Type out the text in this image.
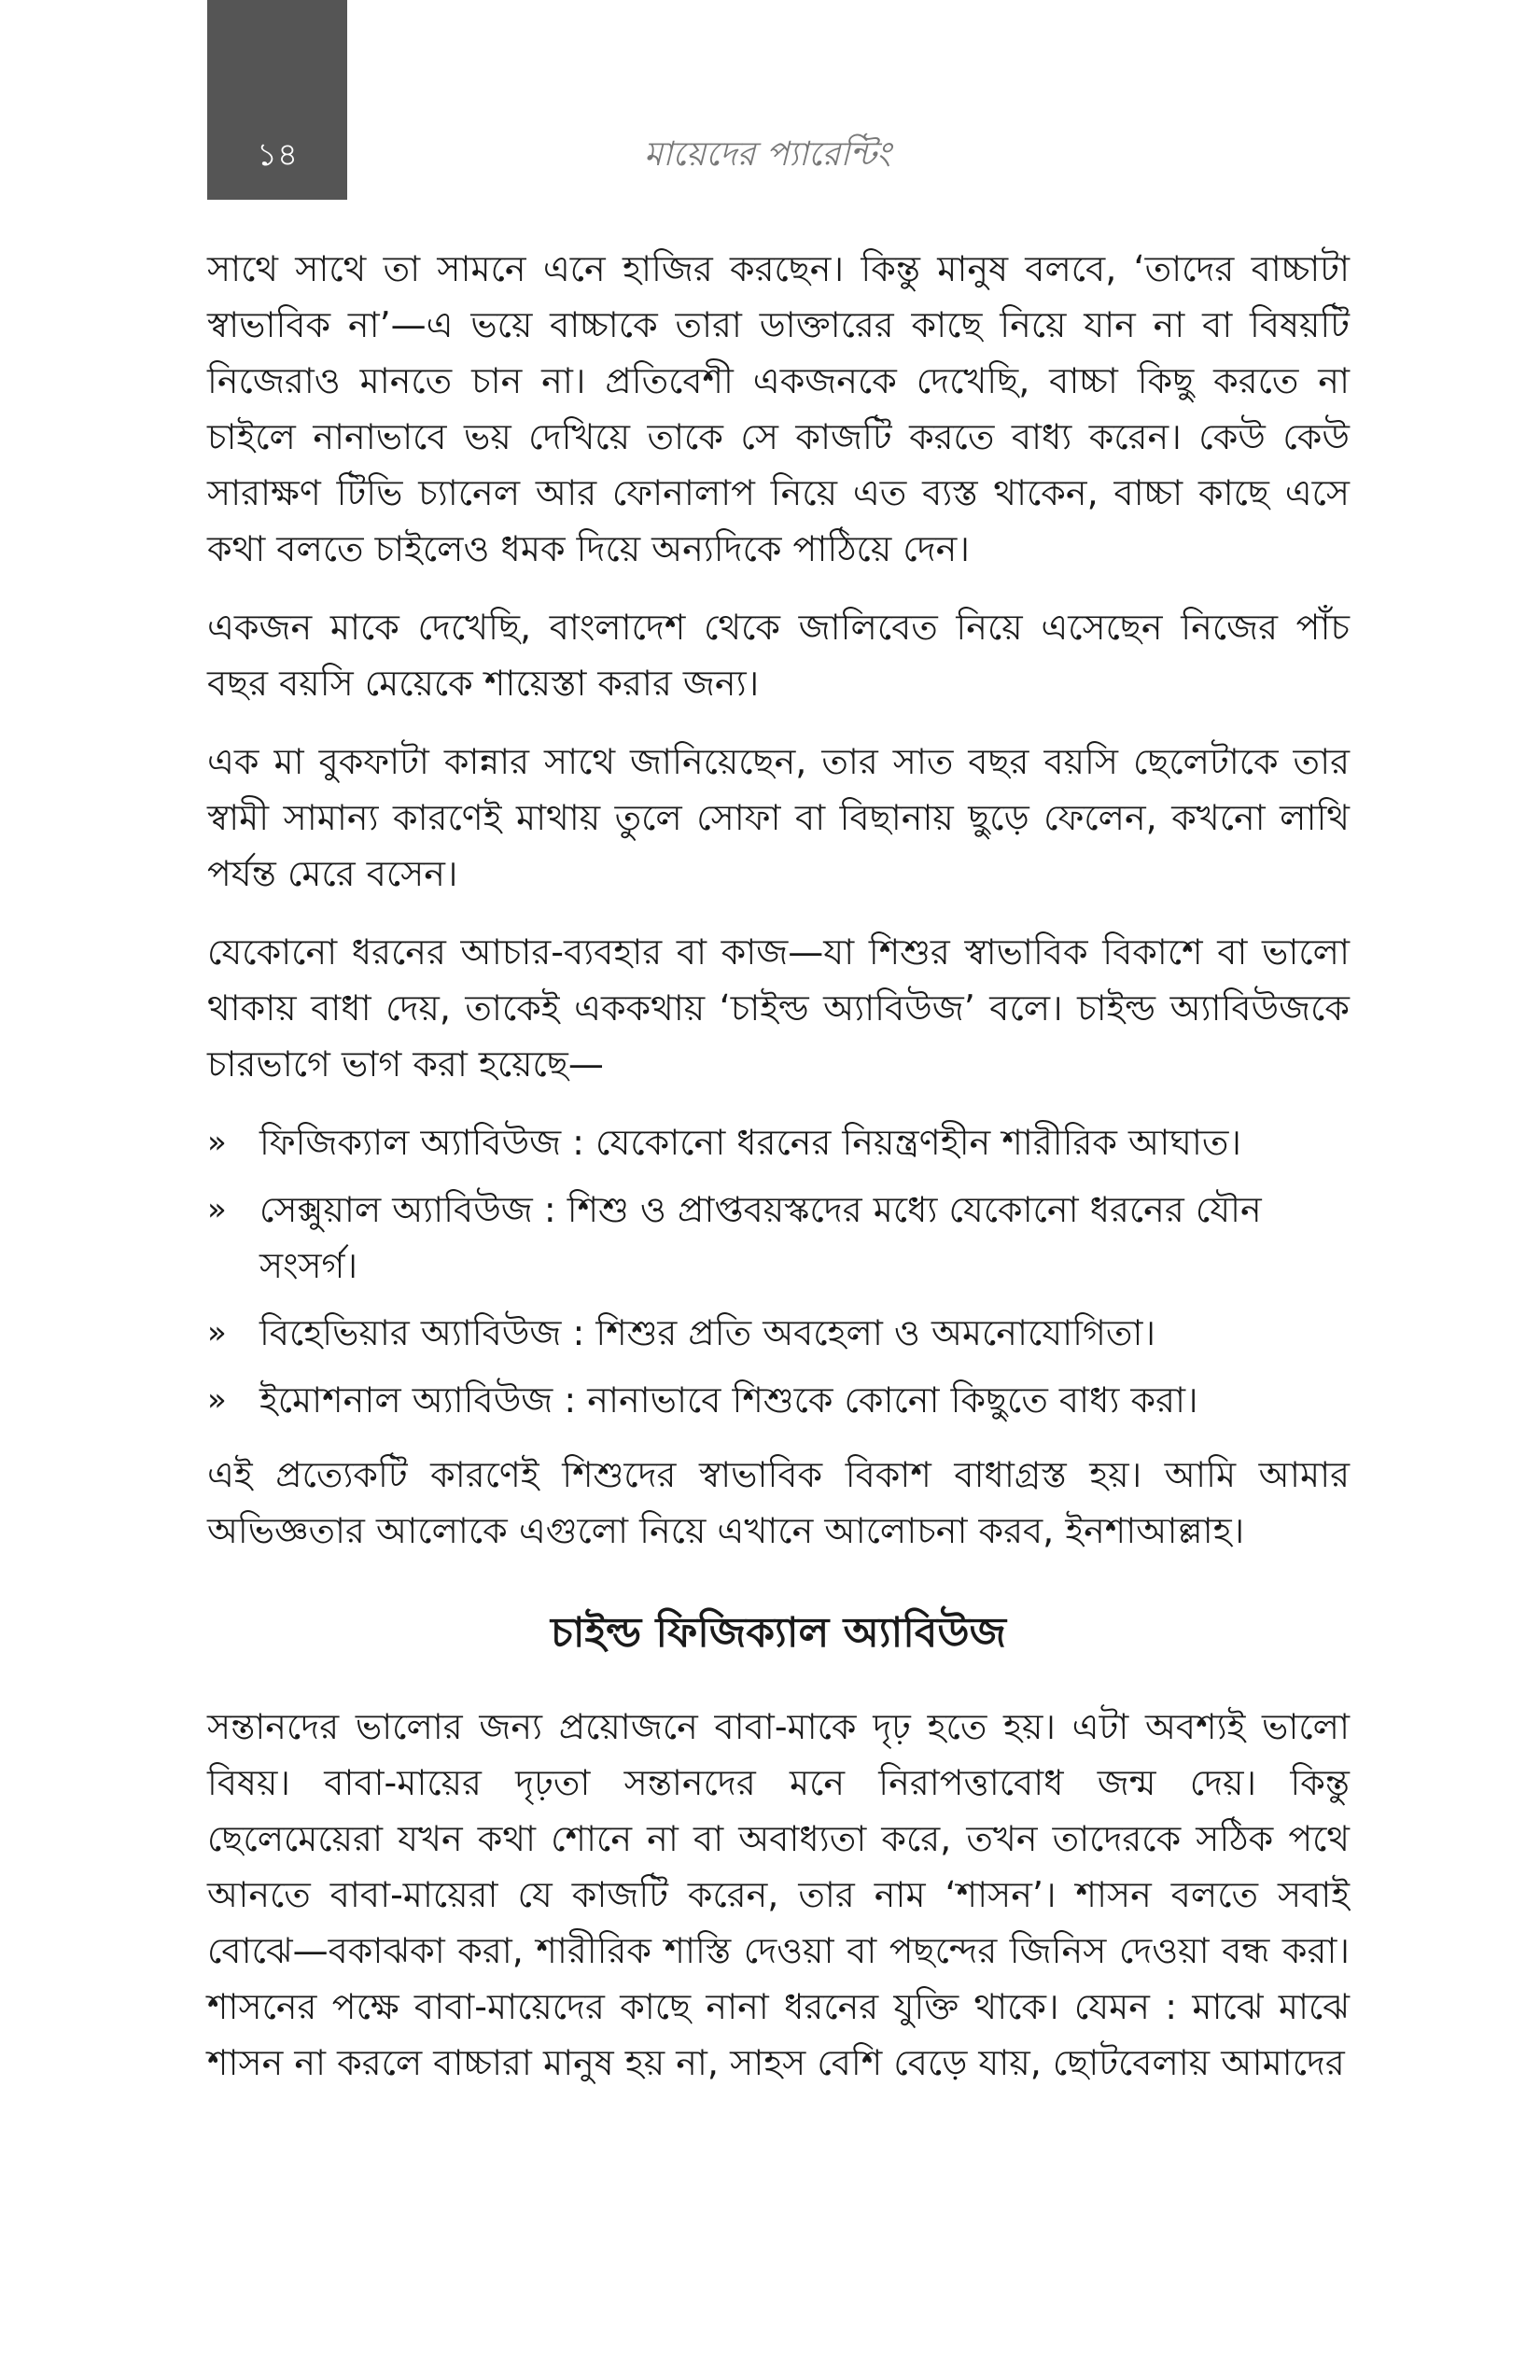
১৪	মায়েদের প্যারেন্টিং

সাথে সাথে তা সামনে এনে হাজির করছেন। কিন্তু মানুষ বলবে, ‘তাদের বাচ্চাটা স্বাভাবিক না’—এ ভয়ে বাচ্চাকে তারা ডাক্তারের কাছে নিয়ে যান না বা বিষয়টি নিজেরাও মানতে চান না। প্রতিবেশী একজনকে দেখেছি, বাচ্চা কিছু করতে না চাইলে নানাভাবে ভয় দেখিয়ে তাকে সে কাজটি করতে বাধ্য করেন। কেউ কেউ সারাক্ষণ টিভি চ্যানেল আর ফোনালাপ নিয়ে এত ব্যস্ত থাকেন, বাচ্চা কাছে এসে কথা বলতে চাইলেও ধমক দিয়ে অন্যদিকে পাঠিয়ে দেন।

একজন মাকে দেখেছি, বাংলাদেশ থেকে জালিবেত নিয়ে এসেছেন নিজের পাঁচ বছর বয়সি মেয়েকে শায়েস্তা করার জন্য।

এক মা বুকফাটা কান্নার সাথে জানিয়েছেন, তার সাত বছর বয়সি ছেলেটাকে তার স্বামী সামান্য কারণেই মাথায় তুলে সোফা বা বিছানায় ছুড়ে ফেলেন, কখনো লাথি পর্যন্ত মেরে বসেন।

যেকোনো ধরনের আচার-ব্যবহার বা কাজ—যা শিশুর স্বাভাবিক বিকাশে বা ভালো থাকায় বাধা দেয়, তাকেই এককথায় ‘চাইল্ড অ্যাবিউজ’ বলে। চাইল্ড অ্যাবিউজকে চারভাগে ভাগ করা হয়েছে—

» ফিজিক্যাল অ্যাবিউজ : যেকোনো ধরনের নিয়ন্ত্রণহীন শারীরিক আঘাত।
» সেক্সুয়াল অ্যাবিউজ : শিশু ও প্রাপ্তবয়স্কদের মধ্যে যেকোনো ধরনের যৌন সংসর্গ।
» বিহেভিয়ার অ্যাবিউজ : শিশুর প্রতি অবহেলা ও অমনোযোগিতা।
» ইমোশনাল অ্যাবিউজ : নানাভাবে শিশুকে কোনো কিছুতে বাধ্য করা।

এই প্রত্যেকটি কারণেই শিশুদের স্বাভাবিক বিকাশ বাধাগ্রস্ত হয়। আমি আমার অভিজ্ঞতার আলোকে এগুলো নিয়ে এখানে আলোচনা করব, ইনশাআল্লাহ।

চাইল্ড ফিজিক্যাল অ্যাবিউজ

সন্তানদের ভালোর জন্য প্রয়োজনে বাবা-মাকে দৃঢ় হতে হয়। এটা অবশ্যই ভালো বিষয়। বাবা-মায়ের দৃঢ়তা সন্তানদের মনে নিরাপত্তাবোধ জন্ম দেয়। কিন্তু ছেলেমেয়েরা যখন কথা শোনে না বা অবাধ্যতা করে, তখন তাদেরকে সঠিক পথে আনতে বাবা-মায়েরা যে কাজটি করেন, তার নাম ‘শাসন’। শাসন বলতে সবাই বোঝে—বকাঝকা করা, শারীরিক শাস্তি দেওয়া বা পছন্দের জিনিস দেওয়া বন্ধ করা। শাসনের পক্ষে বাবা-মায়েদের কাছে নানা ধরনের যুক্তি থাকে। যেমন : মাঝে মাঝে শাসন না করলে বাচ্চারা মানুষ হয় না, সাহস বেশি বেড়ে যায়, ছোটবেলায় আমাদের
